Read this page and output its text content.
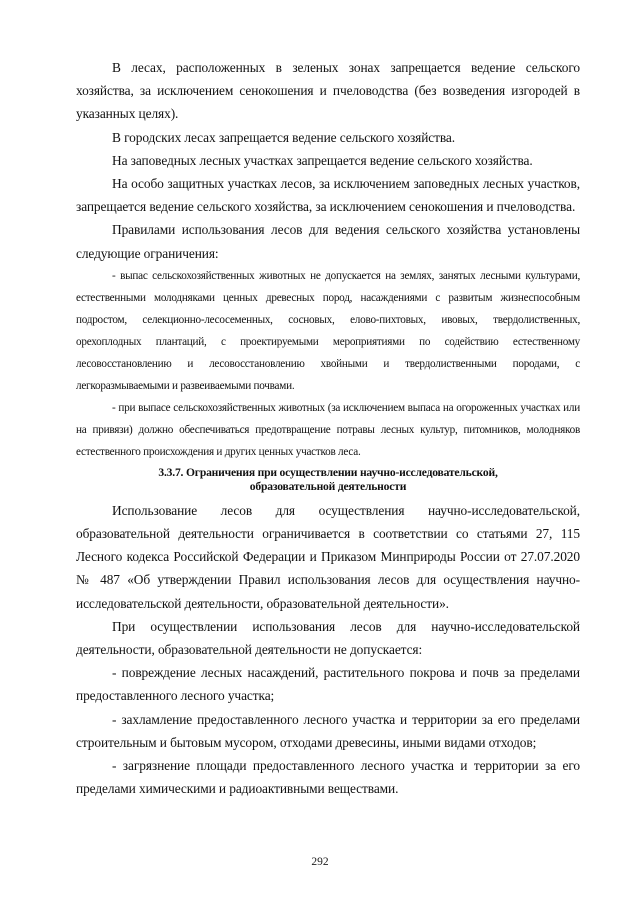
В лесах, расположенных в зеленых зонах запрещается ведение сельского хозяйства, за исключением сенокошения и пчеловодства (без возведения изгородей в указанных целях).

В городских лесах запрещается ведение сельского хозяйства.

На заповедных лесных участках запрещается ведение сельского хозяйства.

На особо защитных участках лесов, за исключением заповедных лесных участков, запрещается ведение сельского хозяйства, за исключением сенокошения и пчеловодства.

Правилами использования лесов для ведения сельского хозяйства установлены следующие ограничения:

- выпас сельскохозяйственных животных не допускается на землях, занятых лесными культурами, естественными молодняками ценных древесных пород, насаждениями с развитым жизнеспособным подростом, селекционно-лесосеменных, сосновых, елово-пихтовых, ивовых, твердолиственных, орехоплодных плантаций, с проектируемыми мероприятиями по содействию естественному лесовосстановлению и лесовосстановлению хвойными и твердолиственными породами, с легкоразмываемыми и развеиваемыми почвами.

- при выпасе сельскохозяйственных животных (за исключением выпаса на огороженных участках или на привязи) должно обеспечиваться предотвращение потравы лесных культур, питомников, молодняков естественного происхождения и других ценных участков леса.

3.3.7. Ограничения при осуществлении научно-исследовательской,
образовательной деятельности

Использование лесов для осуществления научно-исследовательской, образовательной деятельности ограничивается в соответствии со статьями 27, 115 Лесного кодекса Российской Федерации и Приказом Минприроды России от 27.07.2020 № 487 «Об утверждении Правил использования лесов для осуществления научно-исследовательской деятельности, образовательной деятельности».

При осуществлении использования лесов для научно-исследовательской деятельности, образовательной деятельности не допускается:

- повреждение лесных насаждений, растительного покрова и почв за пределами предоставленного лесного участка;

- захламление предоставленного лесного участка и территории за его пределами строительным и бытовым мусором, отходами древесины, иными видами отходов;

- загрязнение площади предоставленного лесного участка и территории за его пределами химическими и радиоактивными веществами.

292
